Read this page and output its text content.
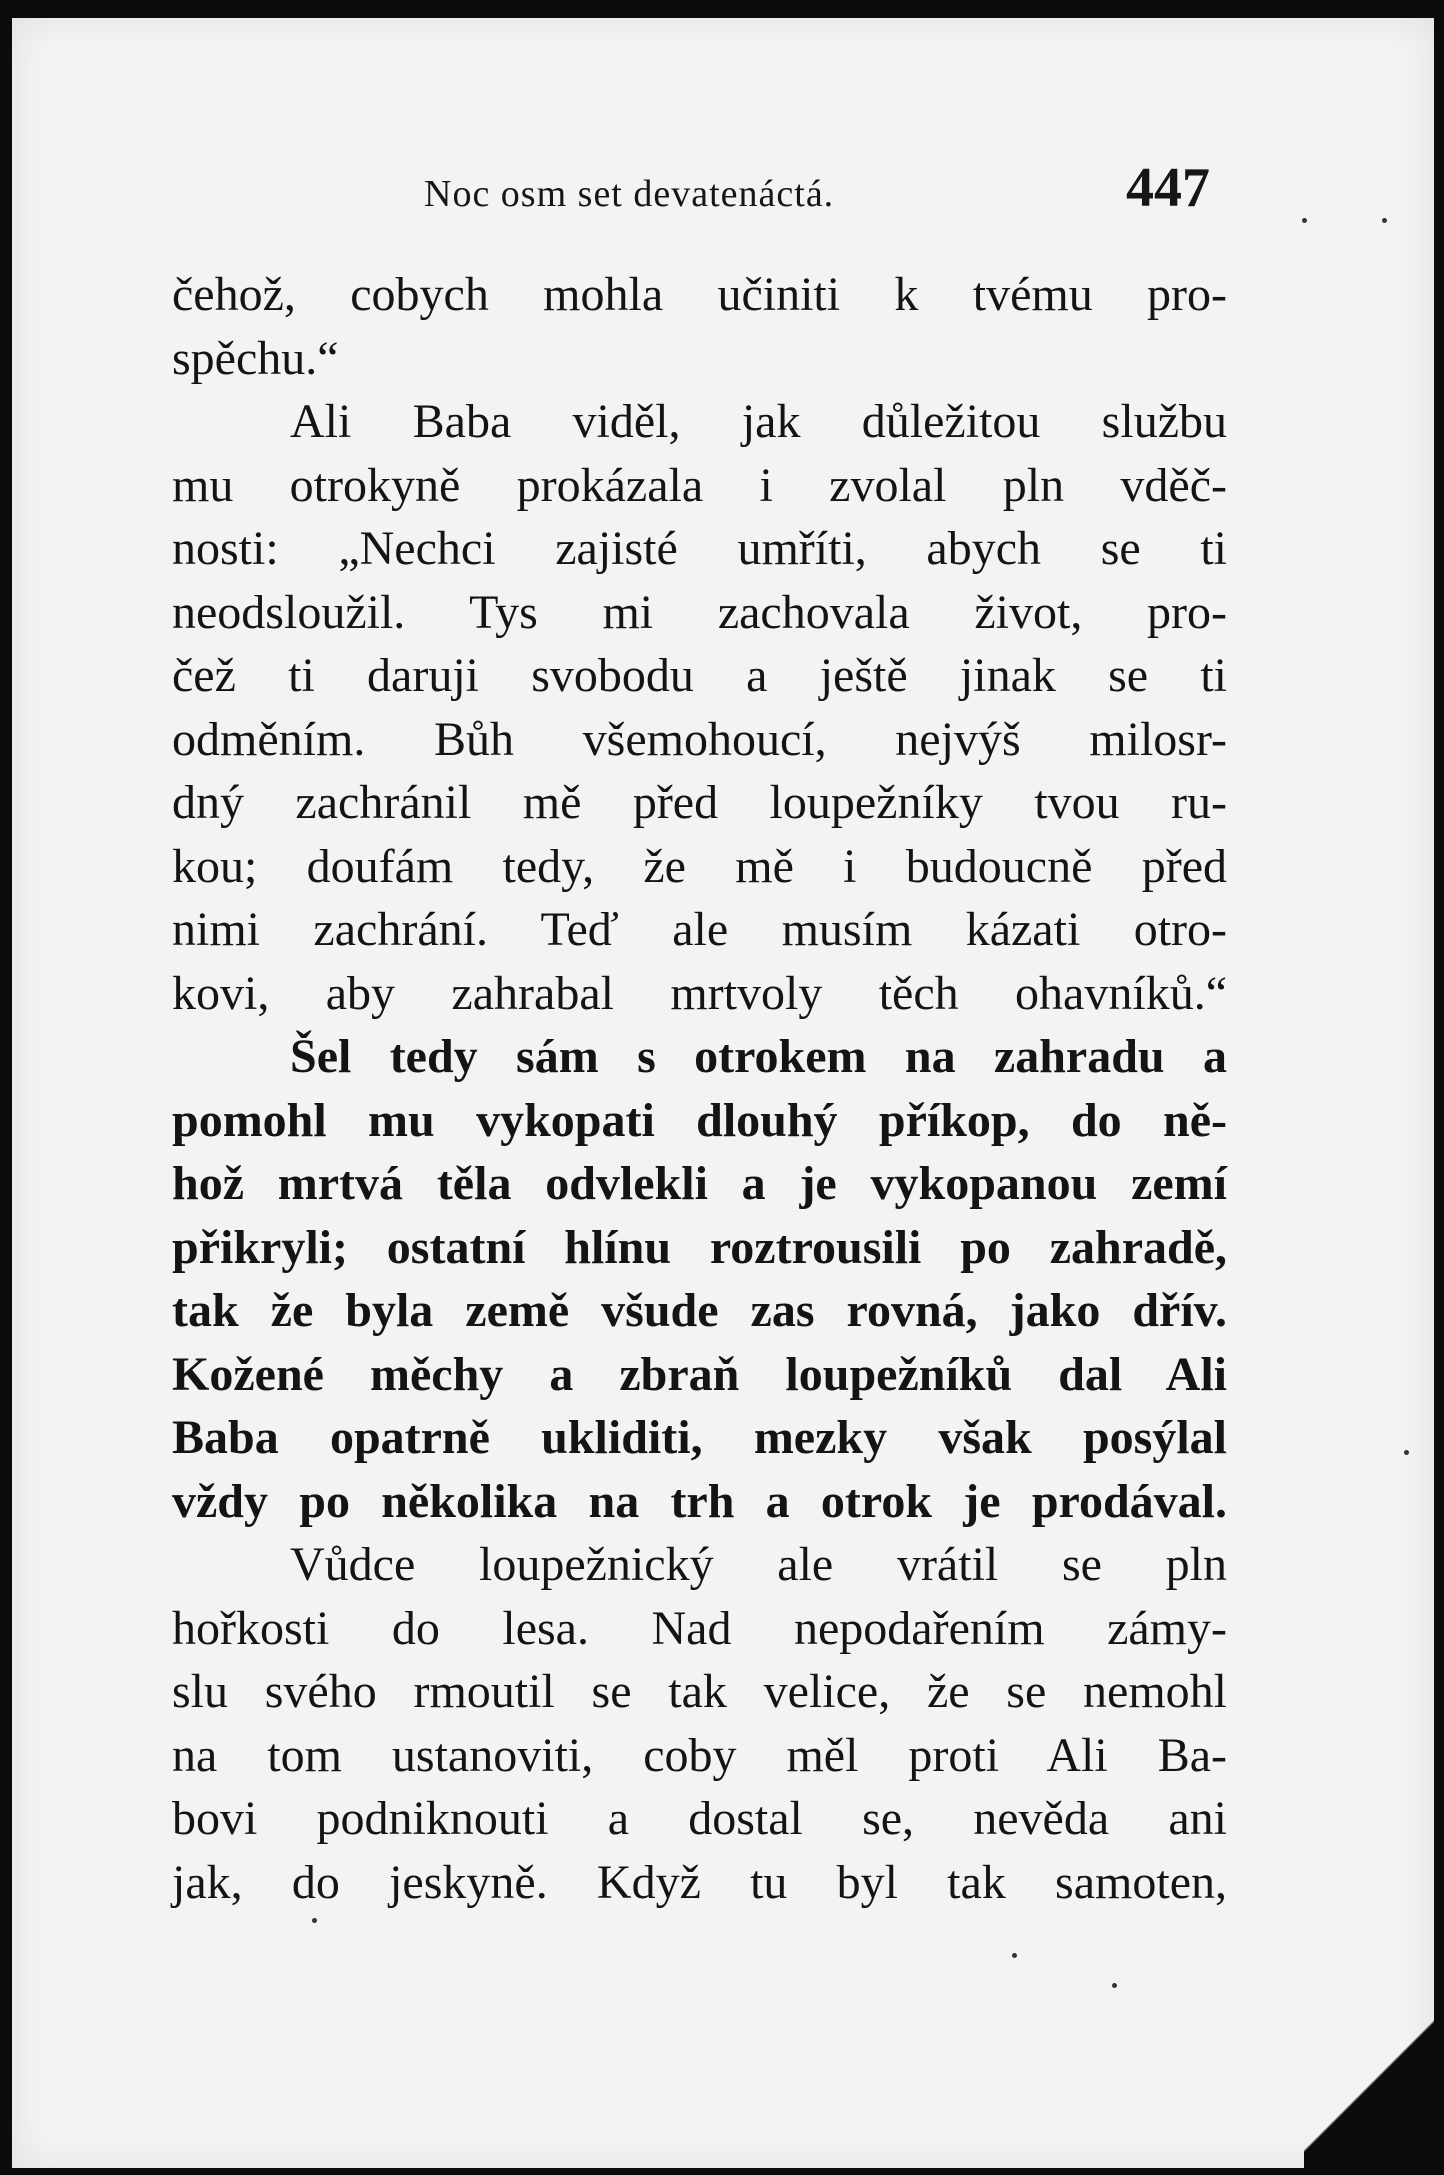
Noc osm set devatenáctá.	447
čehož, cobych mohla učiniti k tvému pro-
spěchu.“
Ali Baba viděl, jak důležitou službu
mu otrokyně prokázala i zvolal pln vděč-
nosti: „Nechci zajisté umříti, abych se ti
neodsloužil. Tys mi zachovala život, pro-
čež ti daruji svobodu a ještě jinak se ti
odměním. Bůh všemohoucí, nejvýš milosr-
dný zachránil mě před loupežníky tvou ru-
kou; doufám tedy, že mě i budoucně před
nimi zachrání. Teď ale musím kázati otro-
kovi, aby zahrabal mrtvoly těch ohavníků.“
Šel tedy sám s otrokem na zahradu a
pomohl mu vykopati dlouhý příkop, do ně-
hož mrtvá těla odvlekli a je vykopanou zemí
přikryli; ostatní hlínu roztrousili po zahradě,
tak že byla země všude zas rovná, jako dřív.
Kožené měchy a zbraň loupežníků dal Ali
Baba opatrně ukliditi, mezky však posýlal
vždy po několika na trh a otrok je prodával.
Vůdce loupežnický ale vrátil se pln
hořkosti do lesa. Nad nepodařením zámy-
slu svého rmoutil se tak velice, že se nemohl
na tom ustanoviti, coby měl proti Ali Ba-
bovi podniknouti a dostal se, nevěda ani
jak, do jeskyně. Když tu byl tak samoten,
